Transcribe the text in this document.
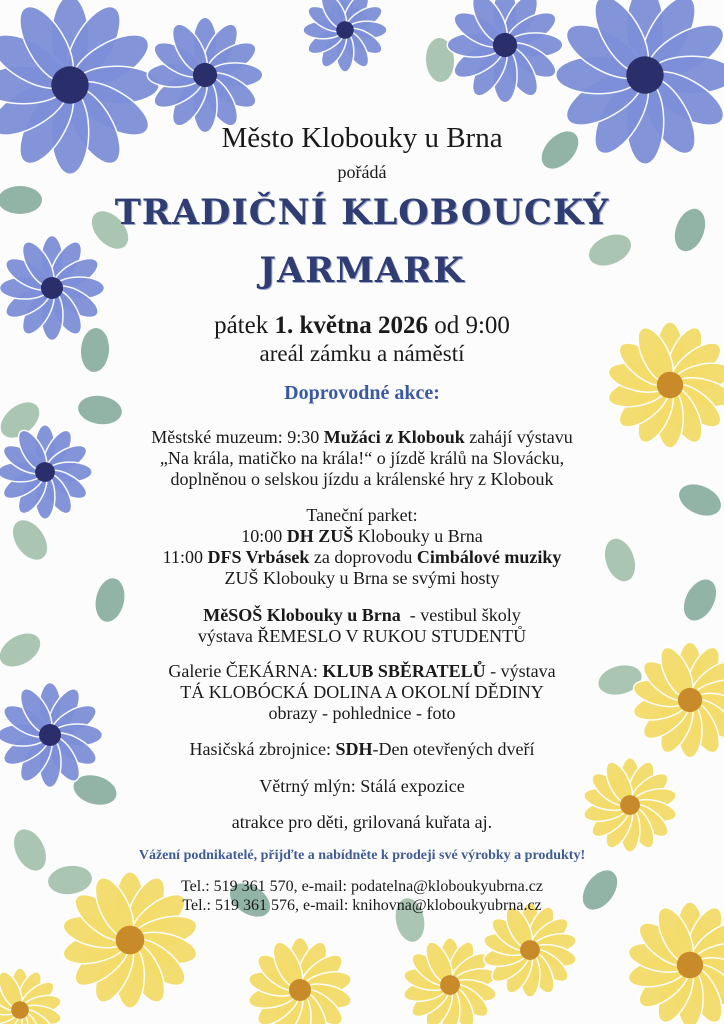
Město Klobouky u Brna
pořádá
TRADIČNÍ KLOBOUCKÝ
JARMARK
pátek 1. května 2026 od 9:00
areál zámku a náměstí
Doprovodné akce:
Městské muzeum: 9:30 Mužáci z Klobouk zahájí výstavu
„Na krála, matičko na krála!“ o jízdě králů na Slovácku,
doplněnou o selskou jízdu a králenské hry z Klobouk
Taneční parket:
10:00 DH ZUŠ Klobouky u Brna
11:00 DFS Vrbásek za doprovodu Cimbálové muziky
ZUŠ Klobouky u Brna se svými hosty
MěSOŠ Klobouky u Brna  - vestibul školy
výstava ŘEMESLO V RUKOU STUDENTŮ
Galerie ČEKÁRNA: KLUB SBĚRATELŮ - výstava
TÁ KLOBÓCKÁ DOLINA A OKOLNÍ DĚDINY
obrazy - pohlednice - foto
Hasičská zbrojnice: SDH-Den otevřených dveří
Větrný mlýn: Stálá expozice
atrakce pro děti, grilovaná kuřata aj.
Vážení podnikatelé, přijďte a nabídněte k prodeji své výrobky a produkty!
Tel.: 519 361 570, e-mail: podatelna@kloboukyubrna.cz
Tel.: 519 361 576, e-mail: knihovna@kloboukyubrna.cz
